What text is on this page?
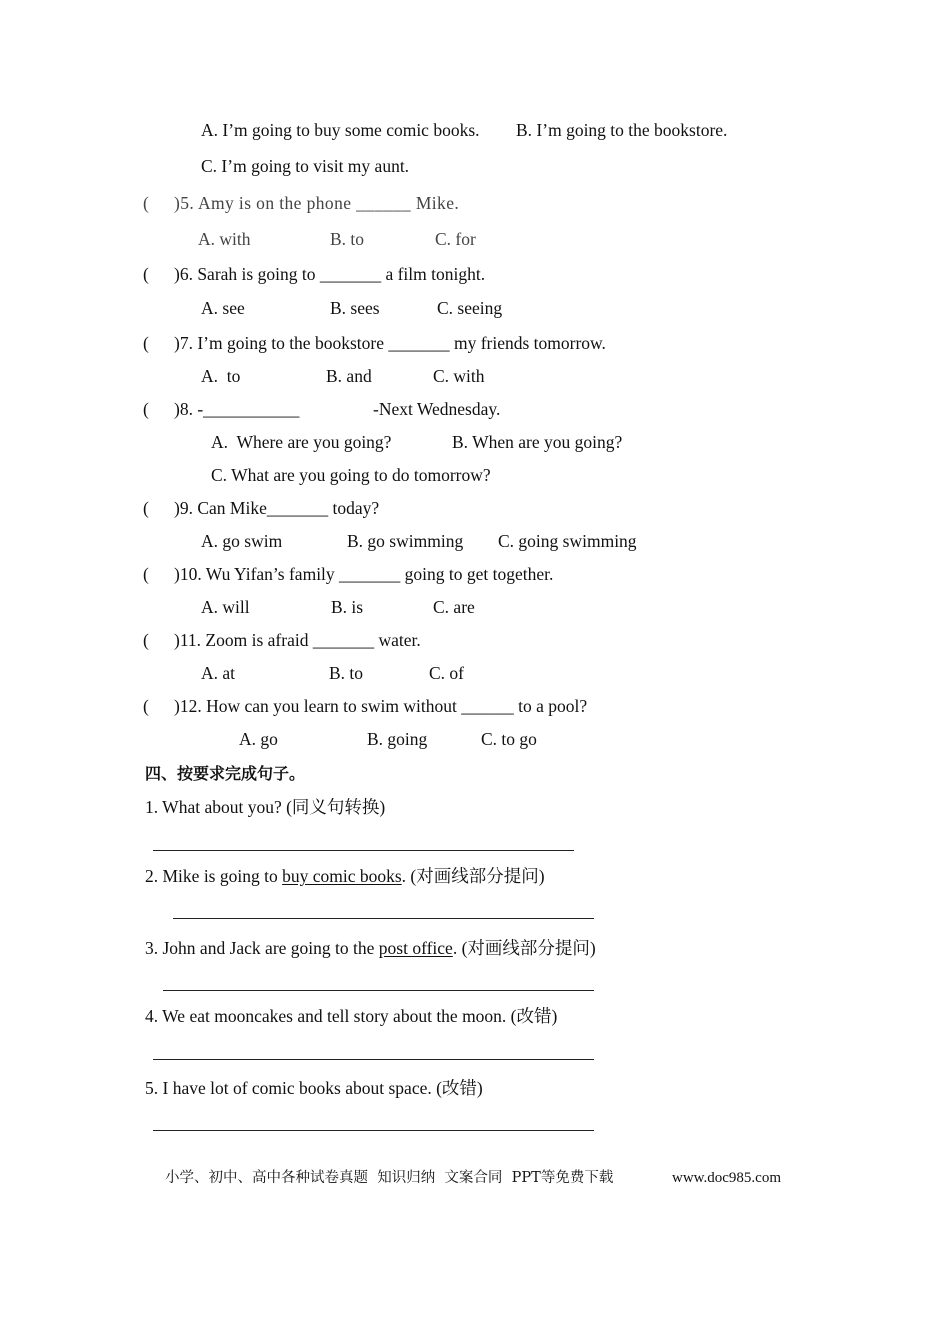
A. I’m going to buy some comic books. B. I’m going to the bookstore.
C. I’m going to visit my aunt.
( )5. Amy is on the phone ______ Mike.
A. with	B. to	C. for
( )6. Sarah is going to _______ a film tonight.
A. see	B. sees	C. seeing
( )7. I’m going to the bookstore _______ my friends tomorrow.
A.  to	B. and	C. with
( )8. -___________	-Next Wednesday.
A.  Where are you going?	B. When are you going?
C. What are you going to do tomorrow?
( )9. Can Mike_______ today?
A. go swim	B. go swimming C. going swimming
( )10. Wu Yifan’s family _______ going to get together.
A. will	B. is	C. are
( )11. Zoom is afraid _______ water.
A. at	B. to	C. of
( )12. How can you learn to swim without ______ to a pool?
A. go	B. going	C. to go
四、按要求完成句子。
1. What about you? (同义句转换)
2. Mike is going to buy comic books. (对画线部分提问)
3. John and Jack are going to the post office. (对画线部分提问)
4. We eat mooncakes and tell story about the moon. (改错)
5. I have lot of comic books about space. (改错)
小学、初中、高中各种试卷真题  知识归纳  文案合同  PPT等免费下载	www.doc985.com
